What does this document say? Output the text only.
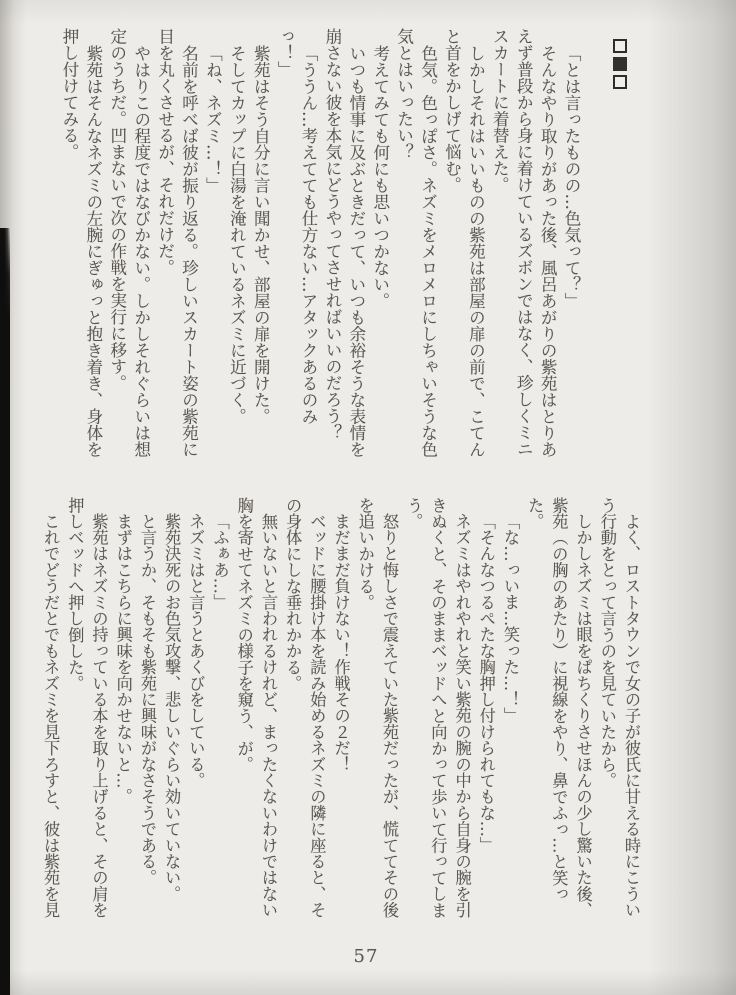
「とは言ったものの…色気って？」

そんなやり取りがあった後、風呂あがりの紫苑はとりあえず普段から身に着けているズボンではなく、珍しくミニスカートに着替えた。

しかしそれはいいものの紫苑は部屋の扉の前で、こてんと首をかしげて悩む。

色気。色っぽさ。ネズミをメロメロにしちゃいそうな色気とはいったい？

考えてみても何にも思いつかない。

いつも情事に及ぶときだって、いつも余裕そうな表情を崩さない彼を本気にどうやってさせればいいのだろう？

「ううん…考えてても仕方ない…アタックあるのみっ！」

紫苑はそう自分に言い聞かせ、部屋の扉を開けた。

そしてカップに白湯を淹れているネズミに近づく。

「ね、ネズミ…！」

名前を呼べば彼が振り返る。珍しいスカート姿の紫苑に目を丸くさせるが、それだけだ。

やはりこの程度ではなびかない。しかしそれぐらいは想定のうちだ。凹まないで次の作戦を実行に移す。

紫苑はそんなネズミの左腕にぎゅっと抱き着き、身体を押し付けてみる。

よく、ロストタウンで女の子が彼氏に甘える時にこういう行動をとって言うのを見ていたから。

しかしネズミは眼をぱちくりさせほんの少し驚いた後、紫苑（の胸のあたり）に視線をやり、鼻でふっ…と笑った。

「な…っいま…笑った…！」

「そんなつるぺたな胸押し付けられてもな…」

ネズミはやれやれと笑い紫苑の腕の中から自身の腕を引きぬくと、そのままベッドへと向かって歩いて行ってしまう。

怒りと悔しさで震えていた紫苑だったが、慌ててその後を追いかける。

まだまだ負けない！作戦その２だ！

ベッドに腰掛け本を読み始めるネズミの隣に座ると、その身体にしな垂れかかる。

無いないと言われるけれど、まったくないわけではない胸を寄せてネズミの様子を窺う、が。

「ふぁあ…」

ネズミはと言うとあくびをしている。

紫苑決死のお色気攻撃、悲しいぐらい効いていない。

と言うか、そもそも紫苑に興味がなさそうである。

まずはこちらに興味を向かせないと…。

紫苑はネズミの持っている本を取り上げると、その肩を押しベッドへ押し倒した。

これでどうだとでもネズミを見下ろすと、彼は紫苑を見

57
